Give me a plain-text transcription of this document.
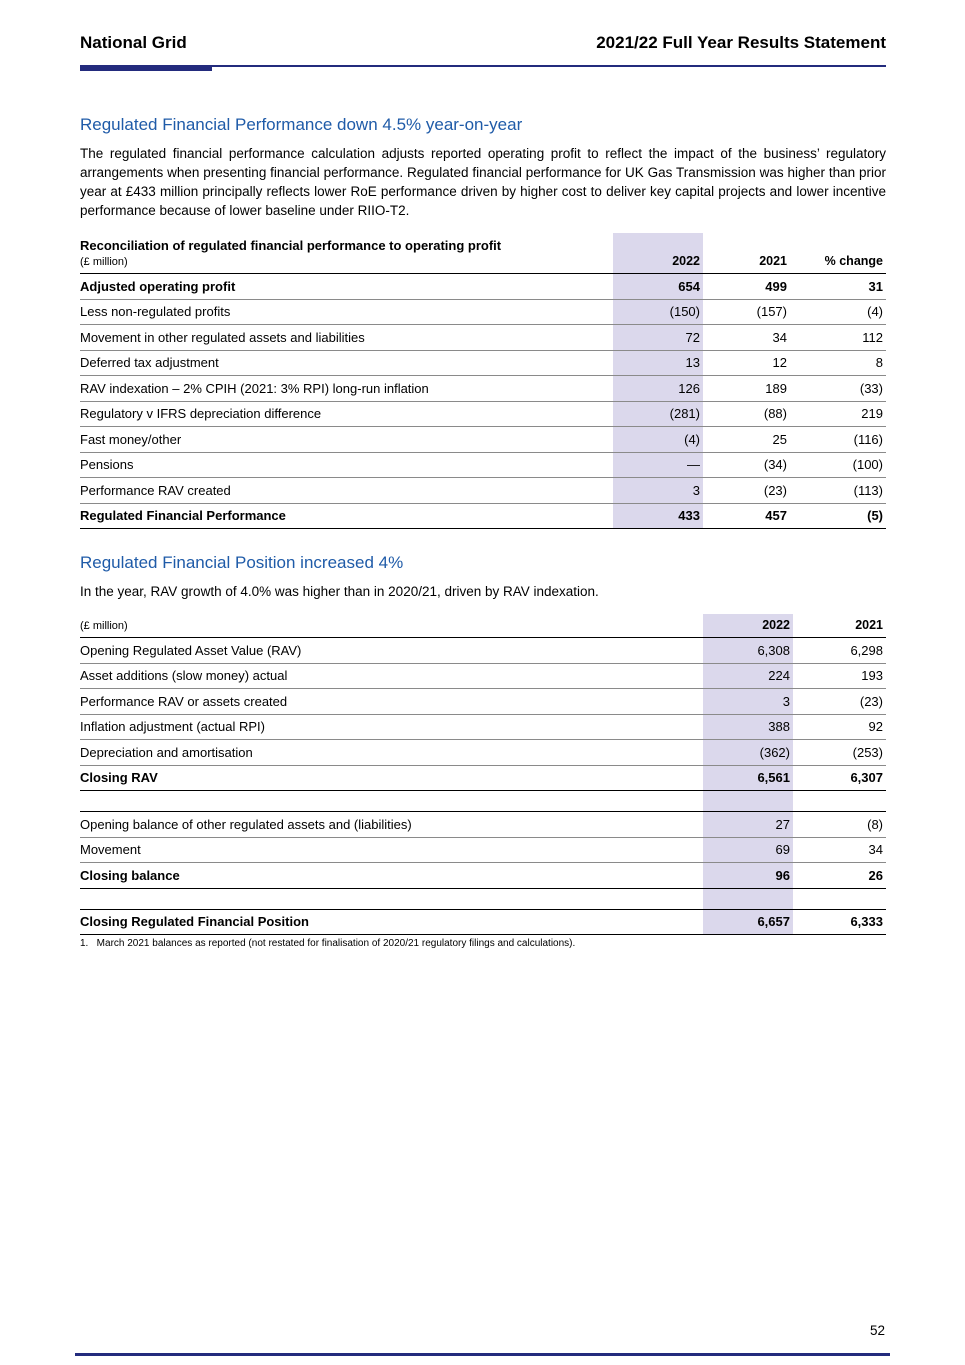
National Grid	2021/22 Full Year Results Statement
Regulated Financial Performance down 4.5% year-on-year

The regulated financial performance calculation adjusts reported operating profit to reflect the impact of the business’ regulatory arrangements when presenting financial performance. Regulated financial performance for UK Gas Transmission was higher than prior year at £433 million principally reflects lower RoE performance driven by higher cost to deliver key capital projects and lower incentive performance because of lower baseline under RIIO-T2.

Reconciliation of regulated financial performance to operating profit
(£ million)	2022	2021	% change
Adjusted operating profit	654	499	31
Less non-regulated profits	(150)	(157)	(4)
Movement in other regulated assets and liabilities	72	34	112
Deferred tax adjustment	13	12	8
RAV indexation – 2% CPIH (2021: 3% RPI) long-run inflation	126	189	(33)
Regulatory v IFRS depreciation difference	(281)	(88)	219
Fast money/other	(4)	25	(116)
Pensions	—	(34)	(100)
Performance RAV created	3	(23)	(113)
Regulated Financial Performance	433	457	(5)
Regulated Financial Position increased 4%

In the year, RAV growth of 4.0% was higher than in 2020/21, driven by RAV indexation.

(£ million)	2022	2021
Opening Regulated Asset Value (RAV)	6,308	6,298
Asset additions (slow money) actual	224	193
Performance RAV or assets created	3	(23)
Inflation adjustment (actual RPI)	388	92
Depreciation and amortisation	(362)	(253)
Closing RAV	6,561	6,307

Opening balance of other regulated assets and (liabilities)	27	(8)
Movement	69	34
Closing balance	96	26

Closing Regulated Financial Position	6,657	6,333
1.   March 2021 balances as reported (not restated for finalisation of 2020/21 regulatory filings and calculations).
52
